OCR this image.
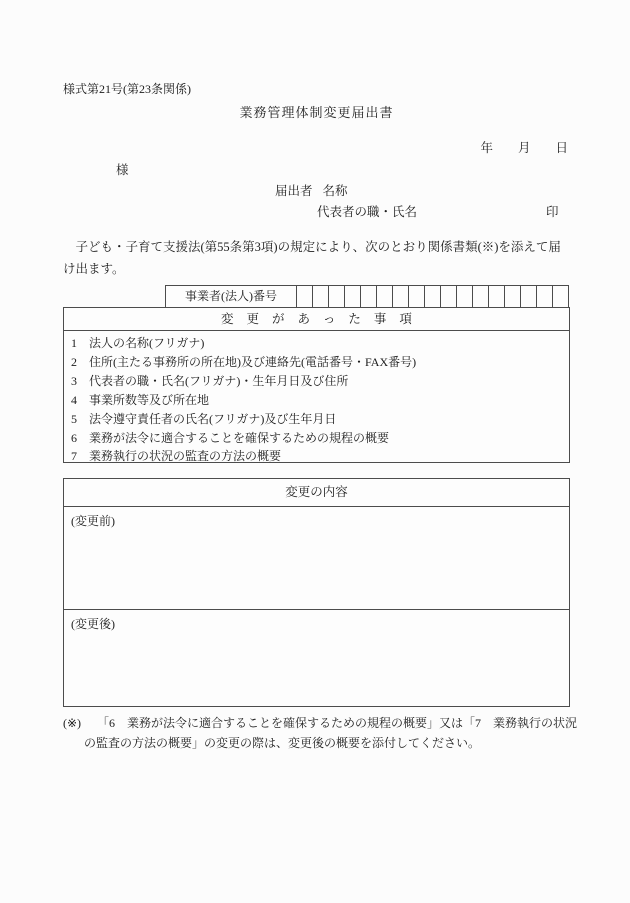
様式第21号(第23条関係)
業務管理体制変更届出書
年 月 日
様
届出者 名称
代表者の職・氏名	印
子ども・子育て支援法(第55条第3項)の規定により、次のとおり関係書類(※)を添えて届け出ます。
事業者(法人)番号
変更があった事項
1	法人の名称(フリガナ)
2	住所(主たる事務所の所在地)及び連絡先(電話番号・FAX番号)
3	代表者の職・氏名(フリガナ)・生年月日及び住所
4	事業所数等及び所在地
5	法令遵守責任者の氏名(フリガナ)及び生年月日
6	業務が法令に適合することを確保するための規程の概要
7	業務執行の状況の監査の方法の概要
変更の内容
(変更前)
(変更後)
(※)	「6　業務が法令に適合することを確保するための規程の概要」又は「7　業務執行の状況
の監査の方法の概要」の変更の際は、変更後の概要を添付してください。
